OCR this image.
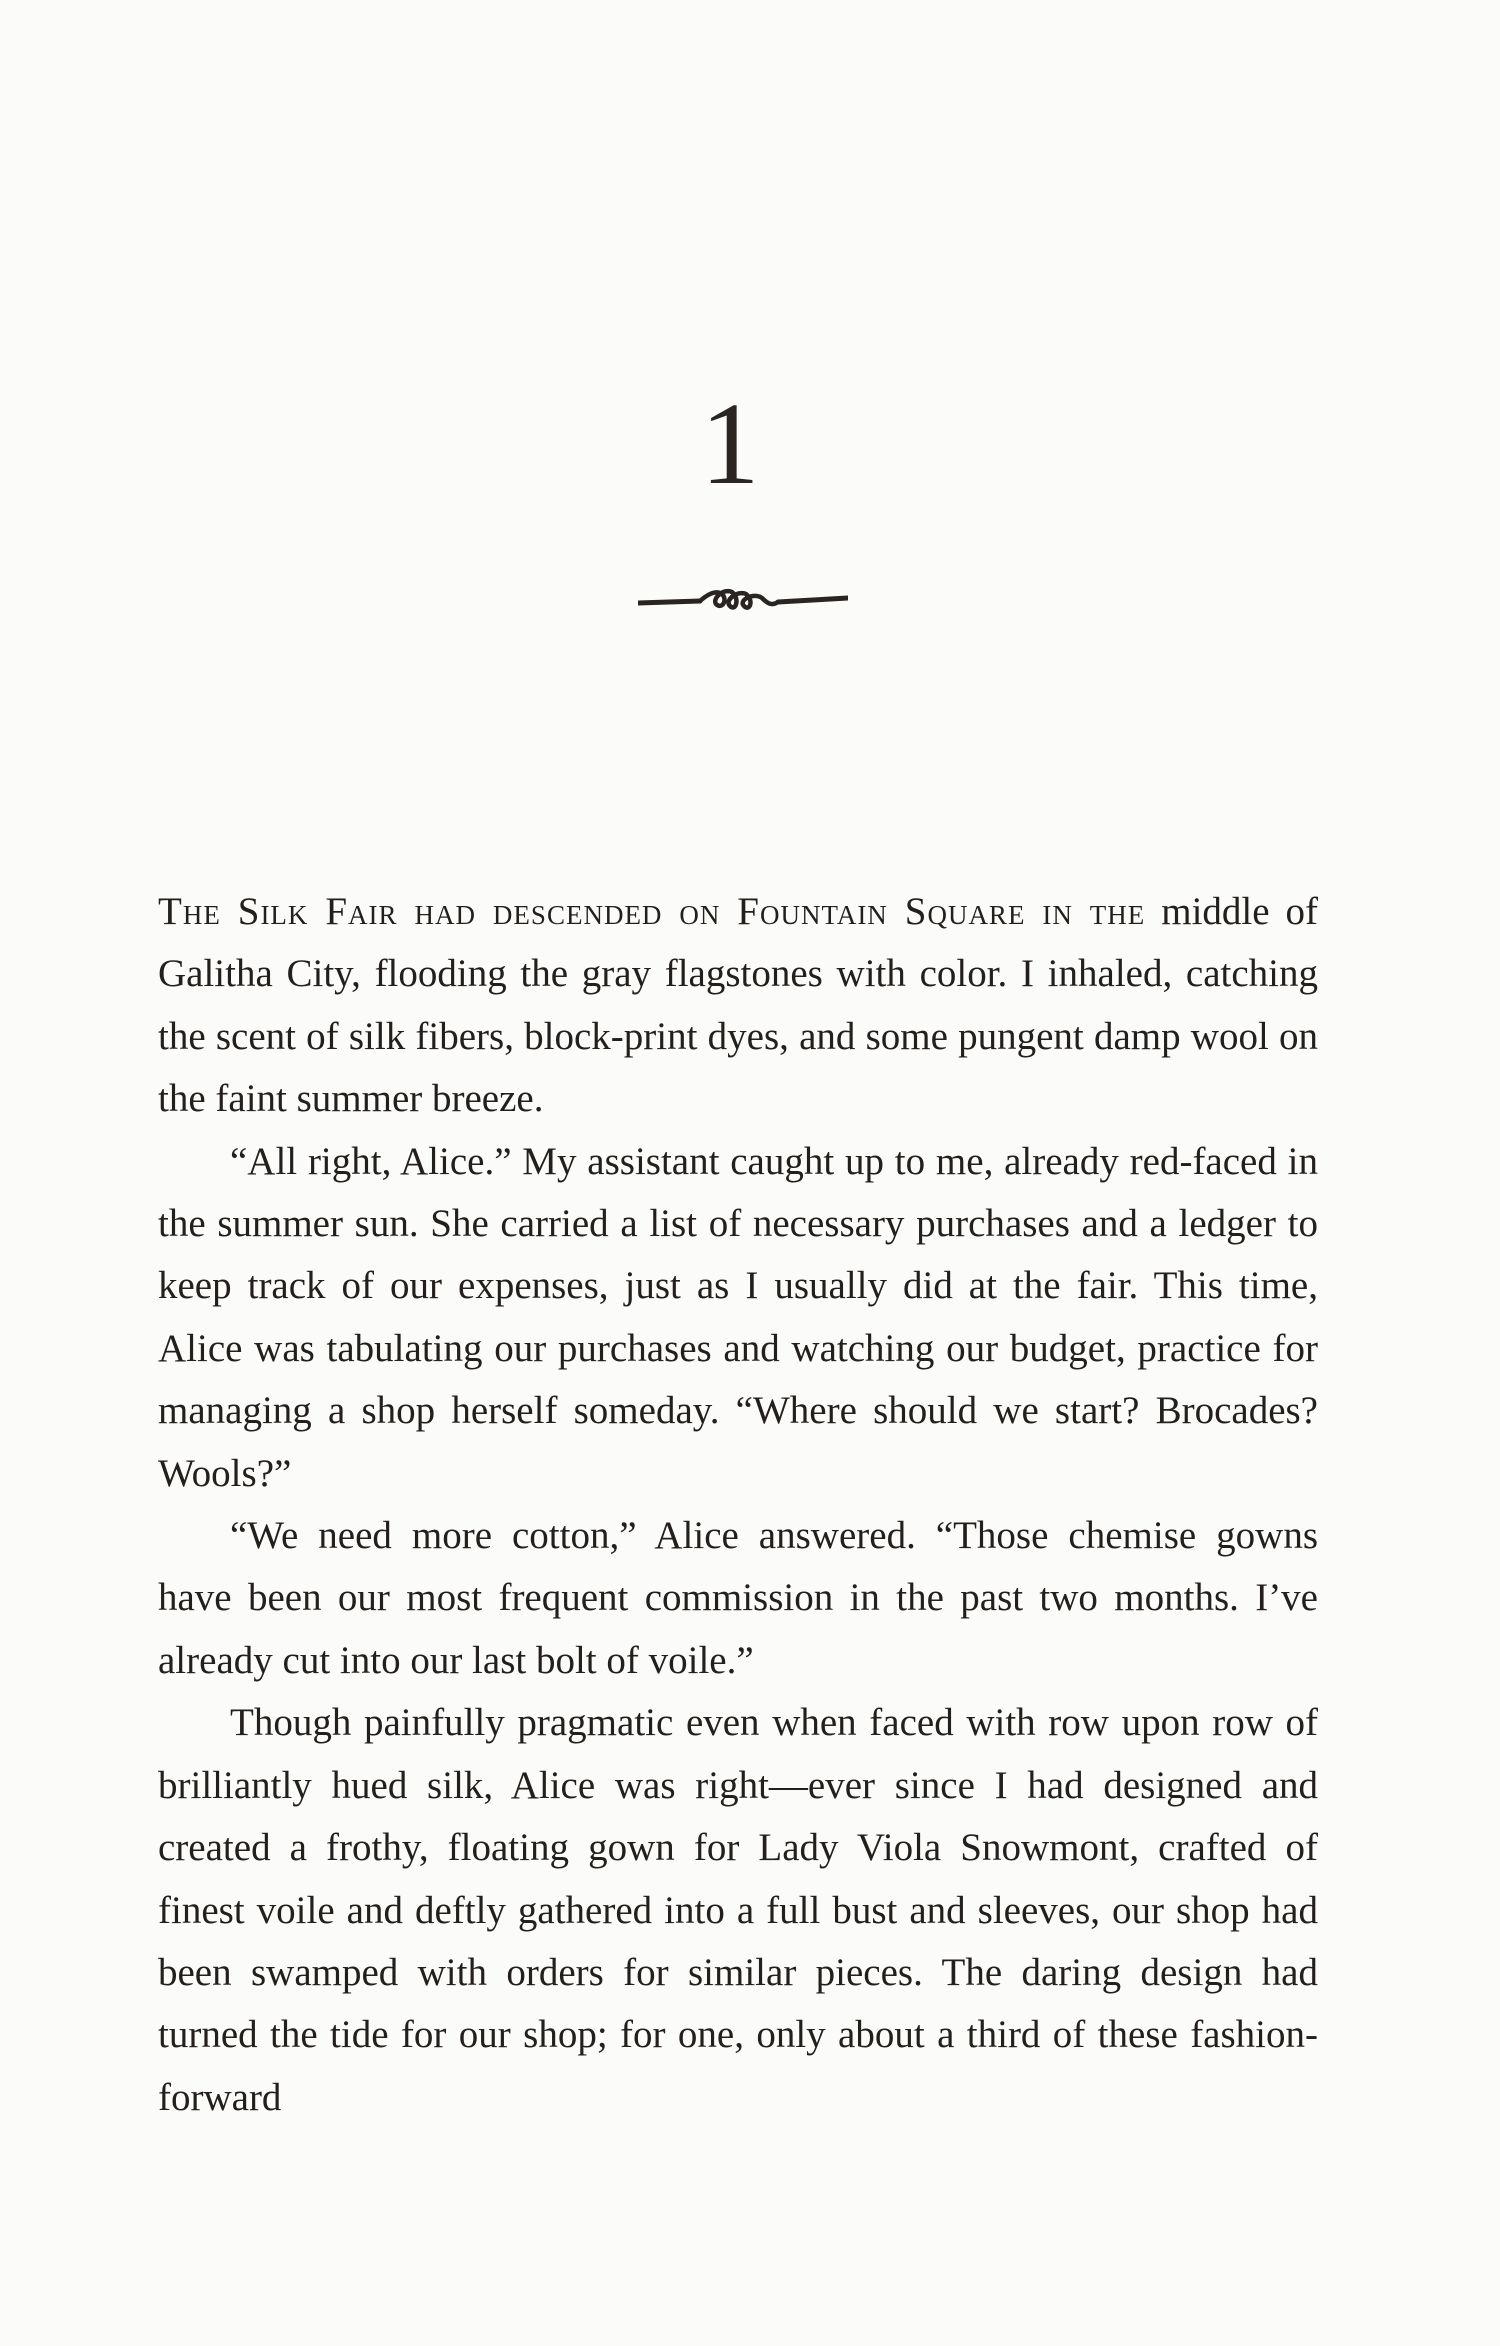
1

The Silk Fair had descended on Fountain Square in the middle of Galitha City, flooding the gray flagstones with color. I inhaled, catching the scent of silk fibers, block-print dyes, and some pungent damp wool on the faint summer breeze.

“All right, Alice.” My assistant caught up to me, already red-faced in the summer sun. She carried a list of necessary purchases and a ledger to keep track of our expenses, just as I usually did at the fair. This time, Alice was tabulating our purchases and watching our budget, practice for managing a shop herself someday. “Where should we start? Brocades? Wools?”

“We need more cotton,” Alice answered. “Those chemise gowns have been our most frequent commission in the past two months. I’ve already cut into our last bolt of voile.”

Though painfully pragmatic even when faced with row upon row of brilliantly hued silk, Alice was right—ever since I had designed and created a frothy, floating gown for Lady Viola Snowmont, crafted of finest voile and deftly gathered into a full bust and sleeves, our shop had been swamped with orders for similar pieces. The daring design had turned the tide for our shop; for one, only about a third of these fashion-forward
